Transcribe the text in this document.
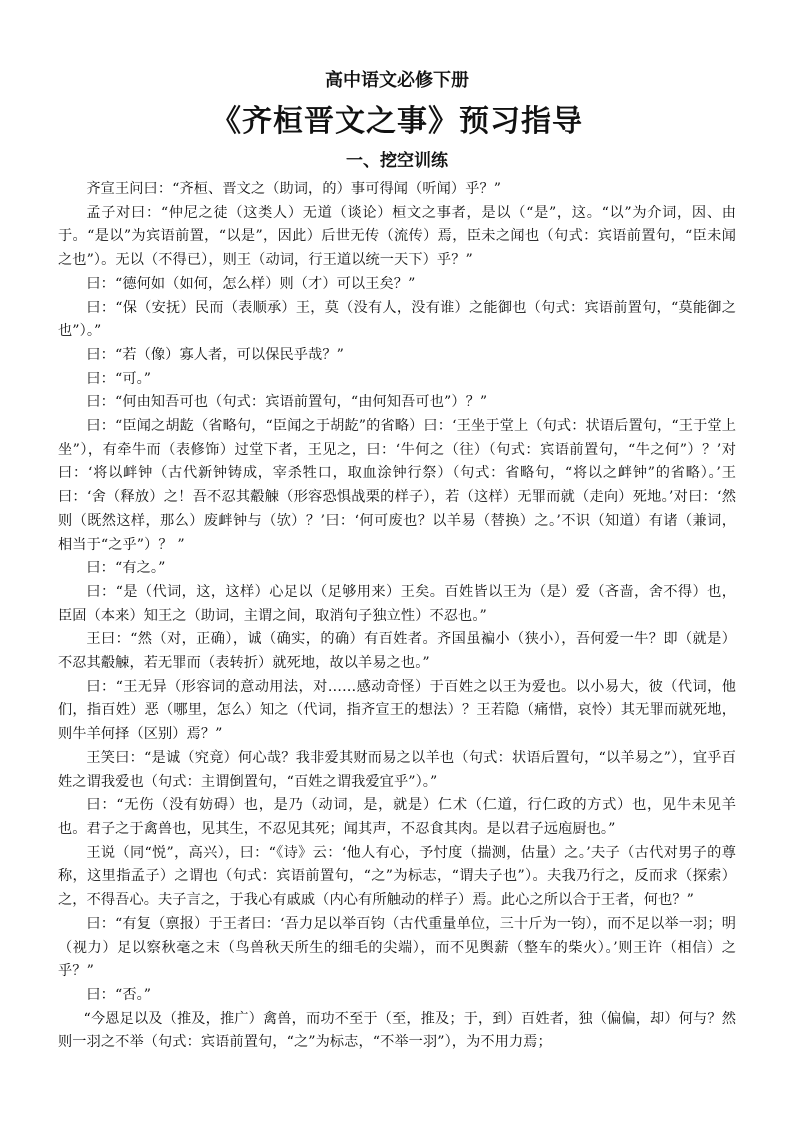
高中语文必修下册
《齐桓晋文之事》预习指导
一、挖空训练

齐宣王问曰：“齐桓、晋文之（助词，的）事可得闻（听闻）乎？”

孟子对曰：“仲尼之徒（这类人）无道（谈论）桓文之事者，是以（“是”，这。“以”为介词，因、由于。“是以”为宾语前置，“以是”，因此）后世无传（流传）焉，臣未之闻也（句式：宾语前置句，“臣未闻之也”）。无以（不得已），则王（动词，行王道以统一天下）乎？”

曰：“德何如（如何，怎么样）则（才）可以王矣？”

曰：“保（安抚）民而（表顺承）王，莫（没有人，没有谁）之能御也（句式：宾语前置句，“莫能御之也”）。”

曰：“若（像）寡人者，可以保民乎哉？”

曰：“可。”

曰：“何由知吾可也（句式：宾语前置句，“由何知吾可也”）？”

曰：“臣闻之胡龁（省略句，“臣闻之于胡龁”的省略）曰：‘王坐于堂上（句式：状语后置句，“王于堂上坐”），有牵牛而（表修饰）过堂下者，王见之，曰：‘牛何之（往）（句式：宾语前置句，“牛之何”）？’对曰：‘将以衅钟（古代新钟铸成，宰杀牲口，取血涂钟行祭）（句式：省略句，“将以之衅钟”的省略）。’王曰：‘舍（释放）之！吾不忍其觳觫（形容恐惧战栗的样子），若（这样）无罪而就（走向）死地。’对曰：‘然则（既然这样，那么）废衅钟与（欤）？’曰：‘何可废也？以羊易（替换）之。’不识（知道）有诸（兼词，相当于“之乎”）？ ”

曰：“有之。”

曰：“是（代词，这，这样）心足以（足够用来）王矣。百姓皆以王为（是）爱（吝啬，舍不得）也，臣固（本来）知王之（助词，主谓之间，取消句子独立性）不忍也。”

王曰：“然（对，正确），诚（确实，的确）有百姓者。齐国虽褊小（狭小），吾何爱一牛？即（就是）不忍其觳觫，若无罪而（表转折）就死地，故以羊易之也。”

曰：“王无异（形容词的意动用法，对……感动奇怪）于百姓之以王为爱也。以小易大，彼（代词，他们，指百姓）恶（哪里，怎么）知之（代词，指齐宣王的想法）？王若隐（痛惜，哀怜）其无罪而就死地，则牛羊何择（区别）焉？”

王笑曰：“是诚（究竟）何心哉？我非爱其财而易之以羊也（句式：状语后置句，“以羊易之”），宜乎百姓之谓我爱也（句式：主谓倒置句，“百姓之谓我爱宜乎”）。”

曰：“无伤（没有妨碍）也，是乃（动词，是，就是）仁术（仁道，行仁政的方式）也，见牛未见羊也。君子之于禽兽也，见其生，不忍见其死；闻其声，不忍食其肉。是以君子远庖厨也。”

王说（同“悦”，高兴），曰：“《诗》云：‘他人有心，予忖度（揣测，估量）之。’夫子（古代对男子的尊称，这里指孟子）之谓也（句式：宾语前置句，“之”为标志，“谓夫子也”）。夫我乃行之，反而求（探索）之，不得吾心。夫子言之，于我心有戚戚（内心有所触动的样子）焉。此心之所以合于王者，何也？”

曰：“有复（禀报）于王者曰：‘吾力足以举百钧（古代重量单位，三十斤为一钧），而不足以举一羽；明（视力）足以察秋毫之末（鸟兽秋天所生的细毛的尖端），而不见舆薪（整车的柴火）。’则王许（相信）之乎？”

曰：“否。”

“今恩足以及（推及，推广）禽兽，而功不至于（至，推及；于，到）百姓者，独（偏偏，却）何与？然则一羽之不举（句式：宾语前置句，“之”为标志，“不举一羽”），为不用力焉；
